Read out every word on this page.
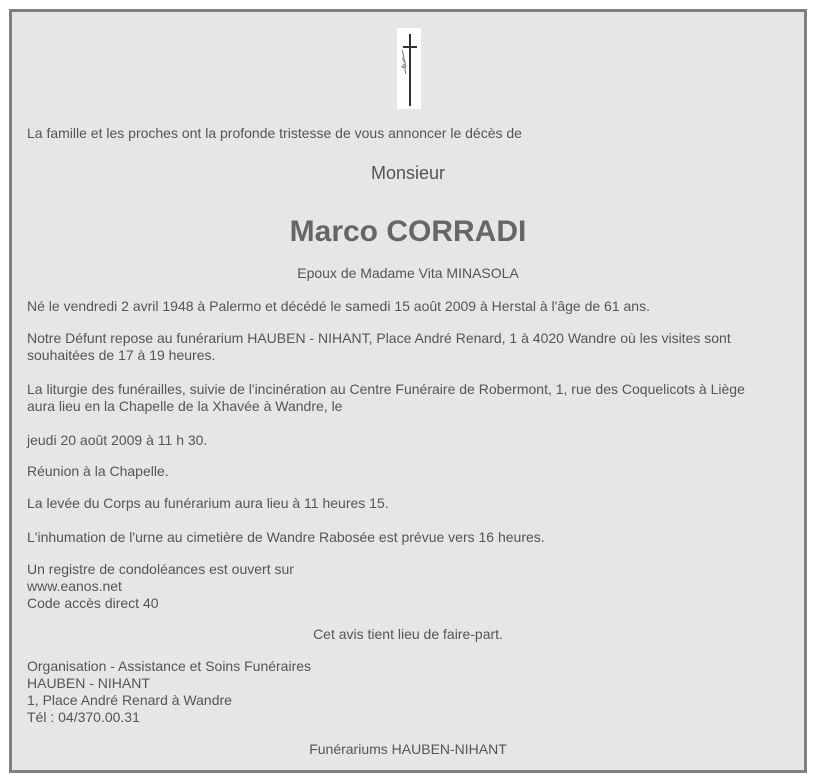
✿

La famille et les proches ont la profonde tristesse de vous annoncer le décès de

Monsieur

Marco CORRADI

Epoux de Madame Vita MINASOLA

Né le vendredi 2 avril 1948 à Palermo et décédé le samedi 15 août 2009 à Herstal à l'âge de 61 ans.

Notre Défunt repose au funérarium HAUBEN - NIHANT, Place André Renard, 1 à 4020 Wandre où les visites sont

souhaitées de 17 à 19 heures.

La liturgie des funérailles, suivie de l'incinération au Centre Funéraire de Robermont, 1, rue des Coquelicots à Liège

aura lieu en la Chapelle de la Xhavée à Wandre, le

jeudi 20 août 2009 à 11 h 30.

Réunion à la Chapelle.

La levée du Corps au funérarium aura lieu à 11 heures 15.

L'inhumation de l'urne au cimetière de Wandre Rabosée est prévue vers 16 heures.

Un registre de condoléances est ouvert sur

www.eanos.net

Code accès direct 40

Cet avis tient lieu de faire-part.

Organisation - Assistance et Soins Funéraires

HAUBEN - NIHANT

1, Place André Renard à Wandre

Tél : 04/370.00.31

Funérariums HAUBEN-NIHANT
